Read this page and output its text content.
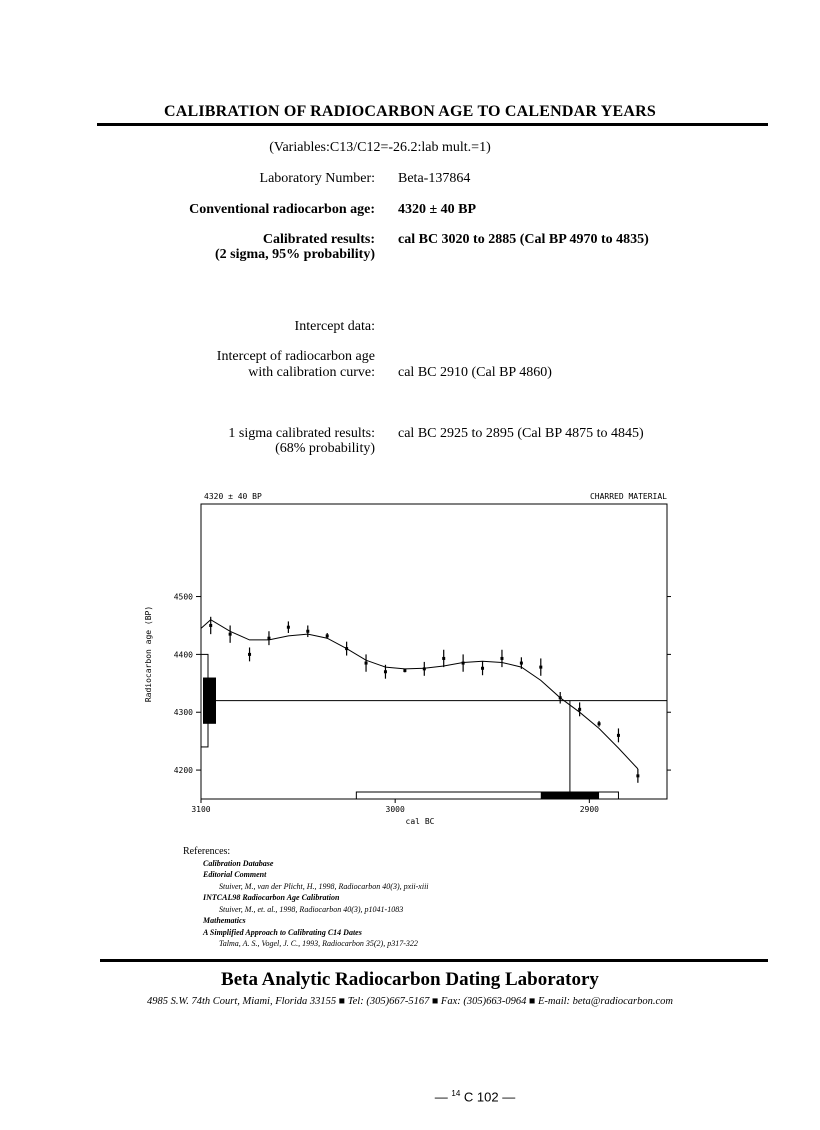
CALIBRATION OF RADIOCARBON AGE TO CALENDAR YEARS
(Variables:C13/C12=-26.2:lab mult.=1)
Laboratory Number: Beta-137864
Conventional radiocarbon age: 4320 ± 40 BP
Calibrated results:
(2 sigma, 95% probability)
cal BC 3020 to 2885 (Cal BP 4970 to 4835)
Intercept data:
Intercept of radiocarbon age
with calibration curve: cal BC 2910 (Cal BP 4860)
1 sigma calibrated results:
(68% probability)
cal BC 2925 to 2895 (Cal BP 4875 to 4845)
4320 ± 40 BP	CHARRED MATERIAL
cal BC
Radiocarbon age (BP)
4200
4300
4400
4500
3100	3000	2900
References:
Calibration Database
Editorial Comment
Stuiver, M., van der Plicht, H., 1998, Radiocarbon 40(3), pxii-xiii
INTCAL98 Radiocarbon Age Calibration
Stuiver, M., et. al., 1998, Radiocarbon 40(3), p1041-1083
Mathematics
A Simplified Approach to Calibrating C14 Dates
Talma, A. S., Vogel, J. C., 1993, Radiocarbon 35(2), p317-322
Beta Analytic Radiocarbon Dating Laboratory
4985 S.W. 74th Court, Miami, Florida 33155 ■ Tel: (305)667-5167 ■ Fax: (305)663-0964 ■ E-mail: beta@radiocarbon.com
— $^{14}$ C 102 —
